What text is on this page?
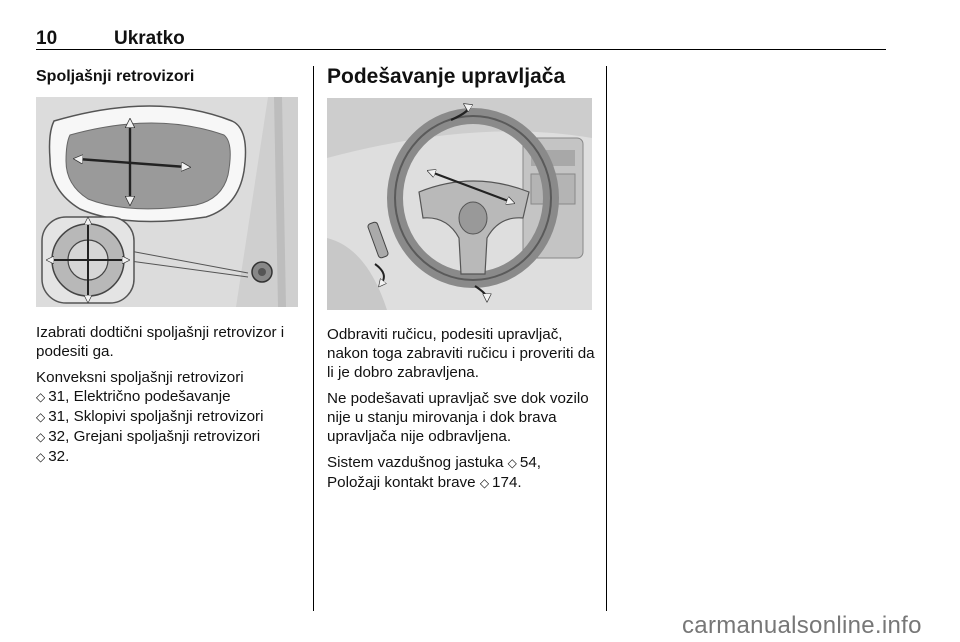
10	Ukratko
Spoljašnji retrovizori

Izabrati dodtični spoljašnji retrovizor i podesiti ga.

Konveksni spoljašnji retrovizori
◇ 31, Električno podešavanje
◇ 31, Sklopivi spoljašnji retrovizori
◇ 32, Grejani spoljašnji retrovizori
◇ 32.

Podešavanje upravljača

Odbraviti ručicu, podesiti upravljač, nakon toga zabraviti ručicu i proveriti da li je dobro zabravljena.

Ne podešavati upravljač sve dok vozilo nije u stanju mirovanja i dok brava upravljača nije odbravljena.

Sistem vazdušnog jastuka ◇ 54,
Položaji kontakt brave ◇ 174.

carmanualsonline.info
